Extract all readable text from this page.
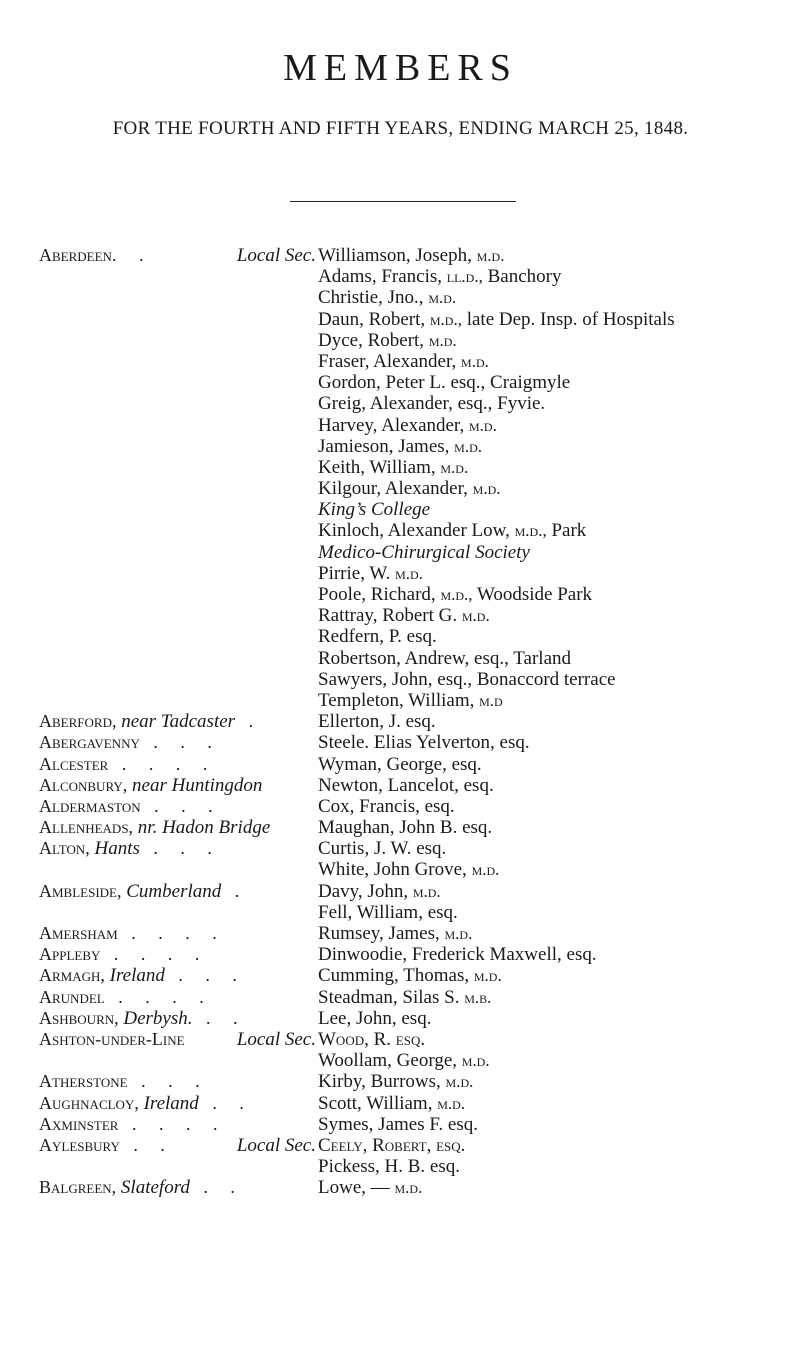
MEMBERS

FOR THE FOURTH AND FIFTH YEARS, ENDING MARCH 25, 1848.

Aberdeen. .	Local Sec. Williamson, Joseph, m.d.
Adams, Francis, ll.d., Banchory
Christie, Jno., m.d.
Daun, Robert, m.d., late Dep. Insp. of Hospitals
Dyce, Robert, m.d.
Fraser, Alexander, m.d.
Gordon, Peter L. esq., Craigmyle
Greig, Alexander, esq., Fyvie.
Harvey, Alexander, m.d.
Jamieson, James, m.d.
Keith, William, m.d.
Kilgour, Alexander, m.d.
King’s College
Kinloch, Alexander Low, m.d., Park
Medico-Chirurgical Society
Pirrie, W. m.d.
Poole, Richard, m.d., Woodside Park
Rattray, Robert G. m.d.
Redfern, P. esq.
Robertson, Andrew, esq., Tarland
Sawyers, John, esq., Bonaccord terrace
Templeton, William, m.d
Aberford, near Tadcaster .	Ellerton, J. esq.
Abergavenny . . .	Steele. Elias Yelverton, esq.
Alcester . . . .	Wyman, George, esq.
Alconbury, near Huntingdon	Newton, Lancelot, esq.
Aldermaston . . .	Cox, Francis, esq.
Allenheads, nr. Hadon Bridge	Maughan, John B. esq.
Alton, Hants . . .	Curtis, J. W. esq.
White, John Grove, m.d.
Ambleside, Cumberland .	Davy, John, m.d.
Fell, William, esq.
Amersham . . . .	Rumsey, James, m.d.
Appleby . . . .	Dinwoodie, Frederick Maxwell, esq.
Armagh, Ireland . . .	Cumming, Thomas, m.d.
Arundel . . . .	Steadman, Silas S. m.b.
Ashbourn, Derbysh. . .	Lee, John, esq.
Ashton-under-Line	Local Sec. Wood, R. esq.
Woollam, George, m.d.
Atherstone . . .	Kirby, Burrows, m.d.
Aughnacloy, Ireland . .	Scott, William, m.d.
Axminster . . . .	Symes, James F. esq.
Aylesbury . .	Local Sec. Ceely, Robert, esq.
Pickess, H. B. esq.
Balgreen, Slateford . .	Lowe, — m.d.
